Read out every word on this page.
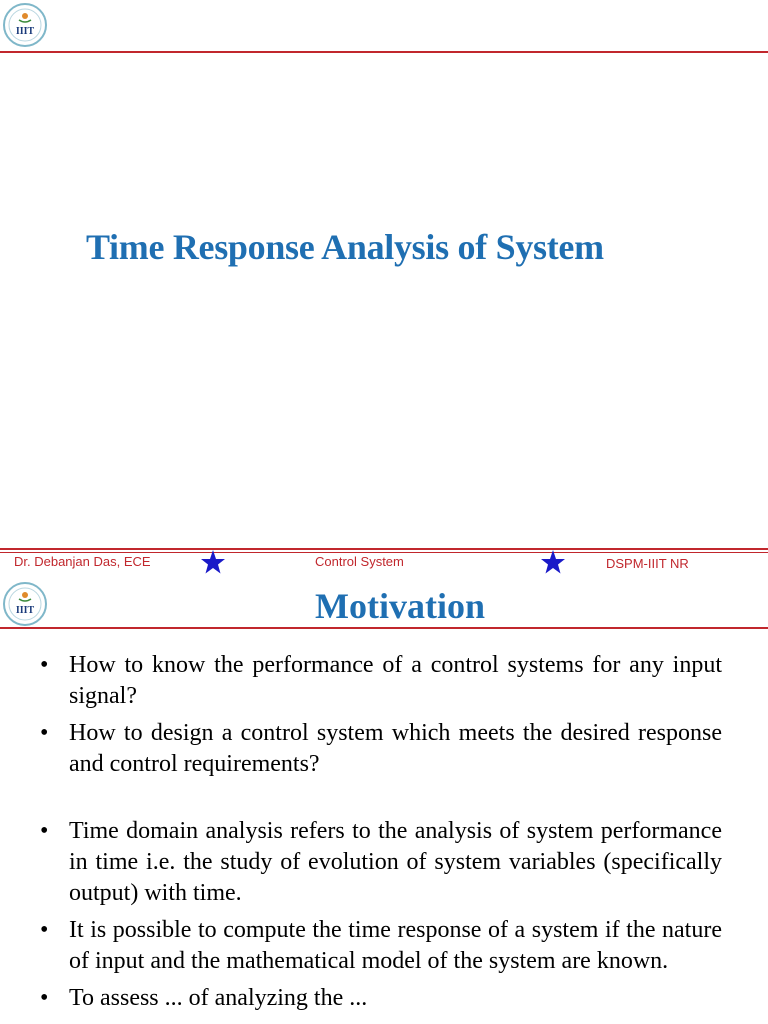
IIIT
Time Response Analysis of System
Dr. Debanjan Das, ECE	Control System	DSPM-IIIT NR
IIIT	Motivation
• How to know the performance of a control systems for any input signal?
• How to design a control system which meets the desired response and control requirements?
• Time domain analysis refers to the analysis of system performance in time i.e. the study of evolution of system variables (specifically output) with time.
• It is possible to compute the time response of a system if the nature of input and the mathematical model of the system are known.
• To assess ... of analyzing the ...
